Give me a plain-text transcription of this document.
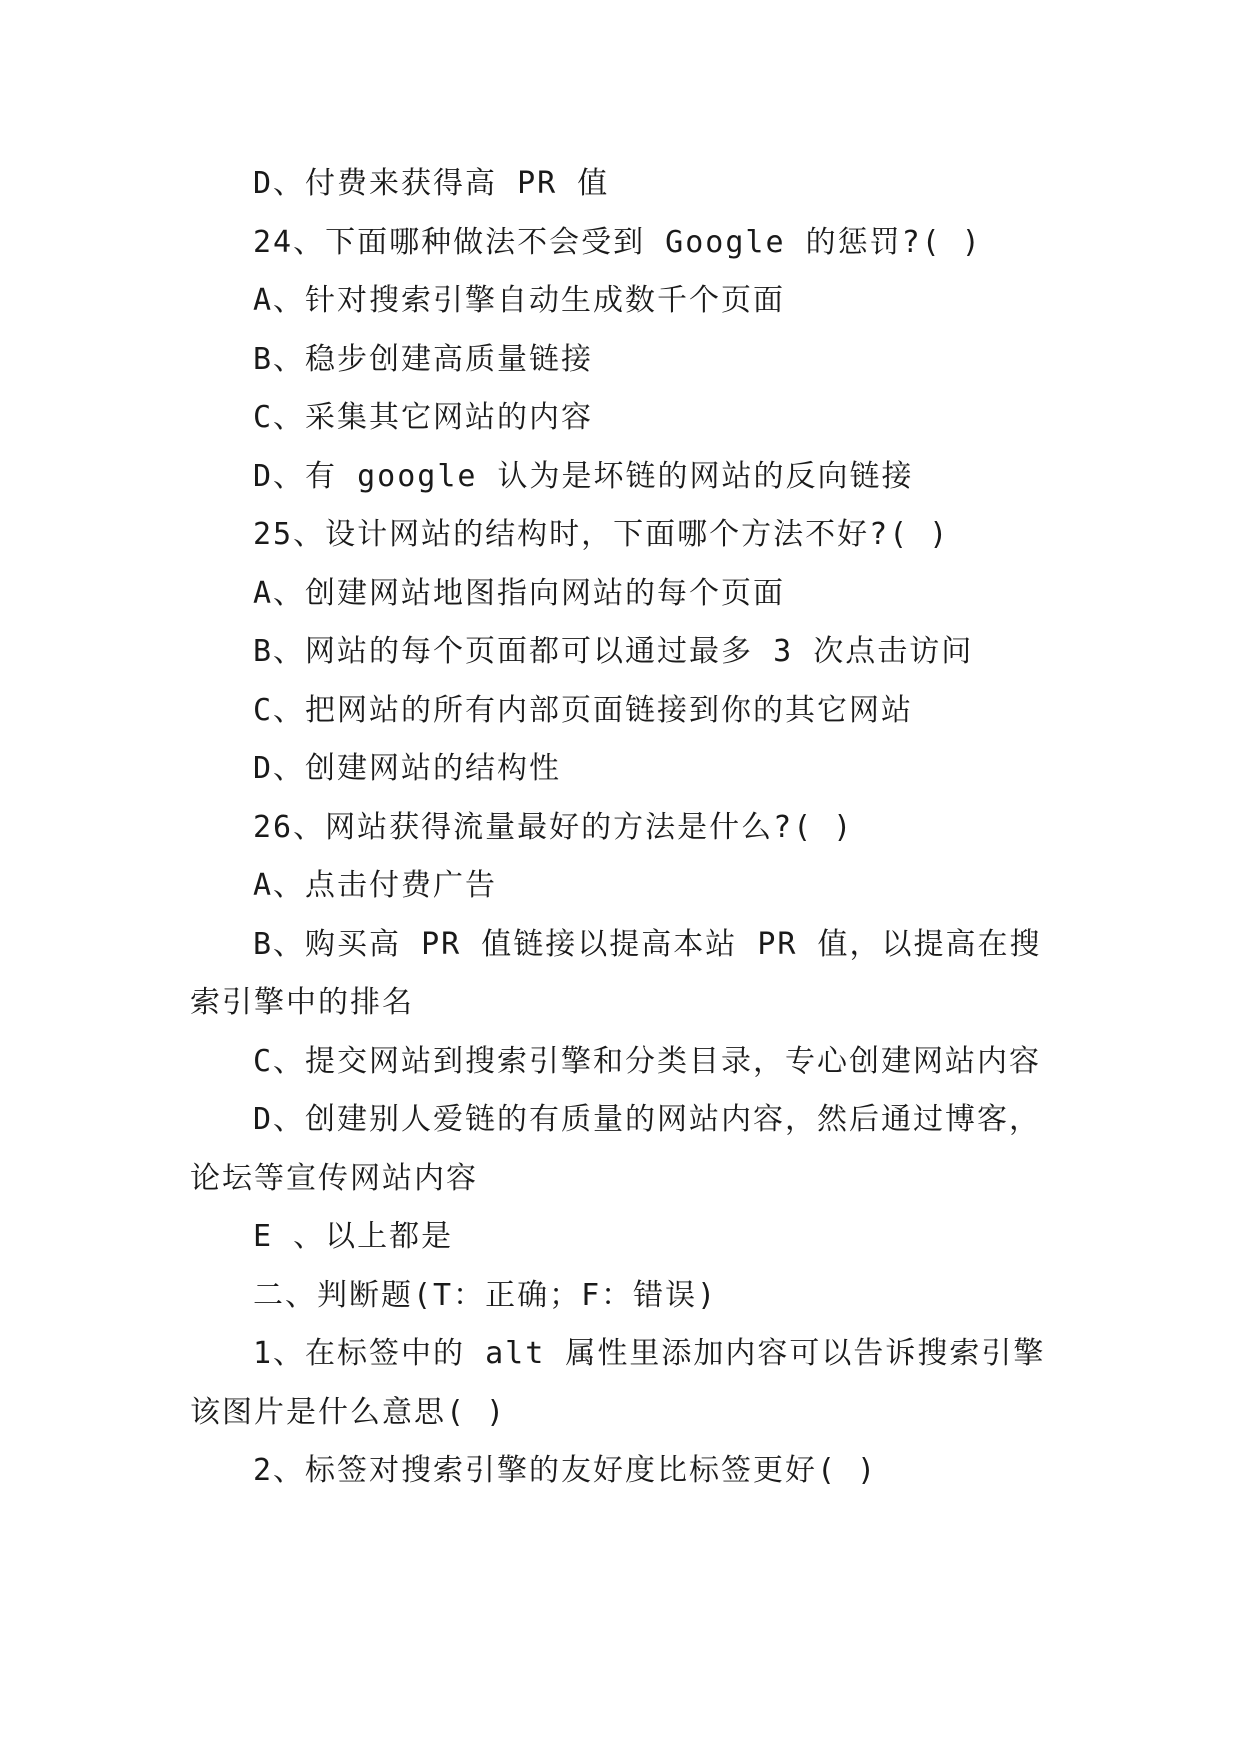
D、付费来获得高 PR 值

24、下面哪种做法不会受到 Google 的惩罚?( )

A、针对搜索引擎自动生成数千个页面

B、稳步创建高质量链接

C、采集其它网站的内容

D、有 google 认为是坏链的网站的反向链接

25、设计网站的结构时，下面哪个方法不好?( )

A、创建网站地图指向网站的每个页面

B、网站的每个页面都可以通过最多 3 次点击访问

C、把网站的所有内部页面链接到你的其它网站

D、创建网站的结构性

26、网站获得流量最好的方法是什么?( )

A、点击付费广告

B、购买高 PR 值链接以提高本站 PR 值，以提高在搜索引擎中的排名

C、提交网站到搜索引擎和分类目录，专心创建网站内容

D、创建别人爱链的有质量的网站内容，然后通过博客，论坛等宣传网站内容

E 、以上都是

二、判断题(T：正确；F：错误)

1、在标签中的 alt 属性里添加内容可以告诉搜索引擎该图片是什么意思( )

2、标签对搜索引擎的友好度比标签更好( )
